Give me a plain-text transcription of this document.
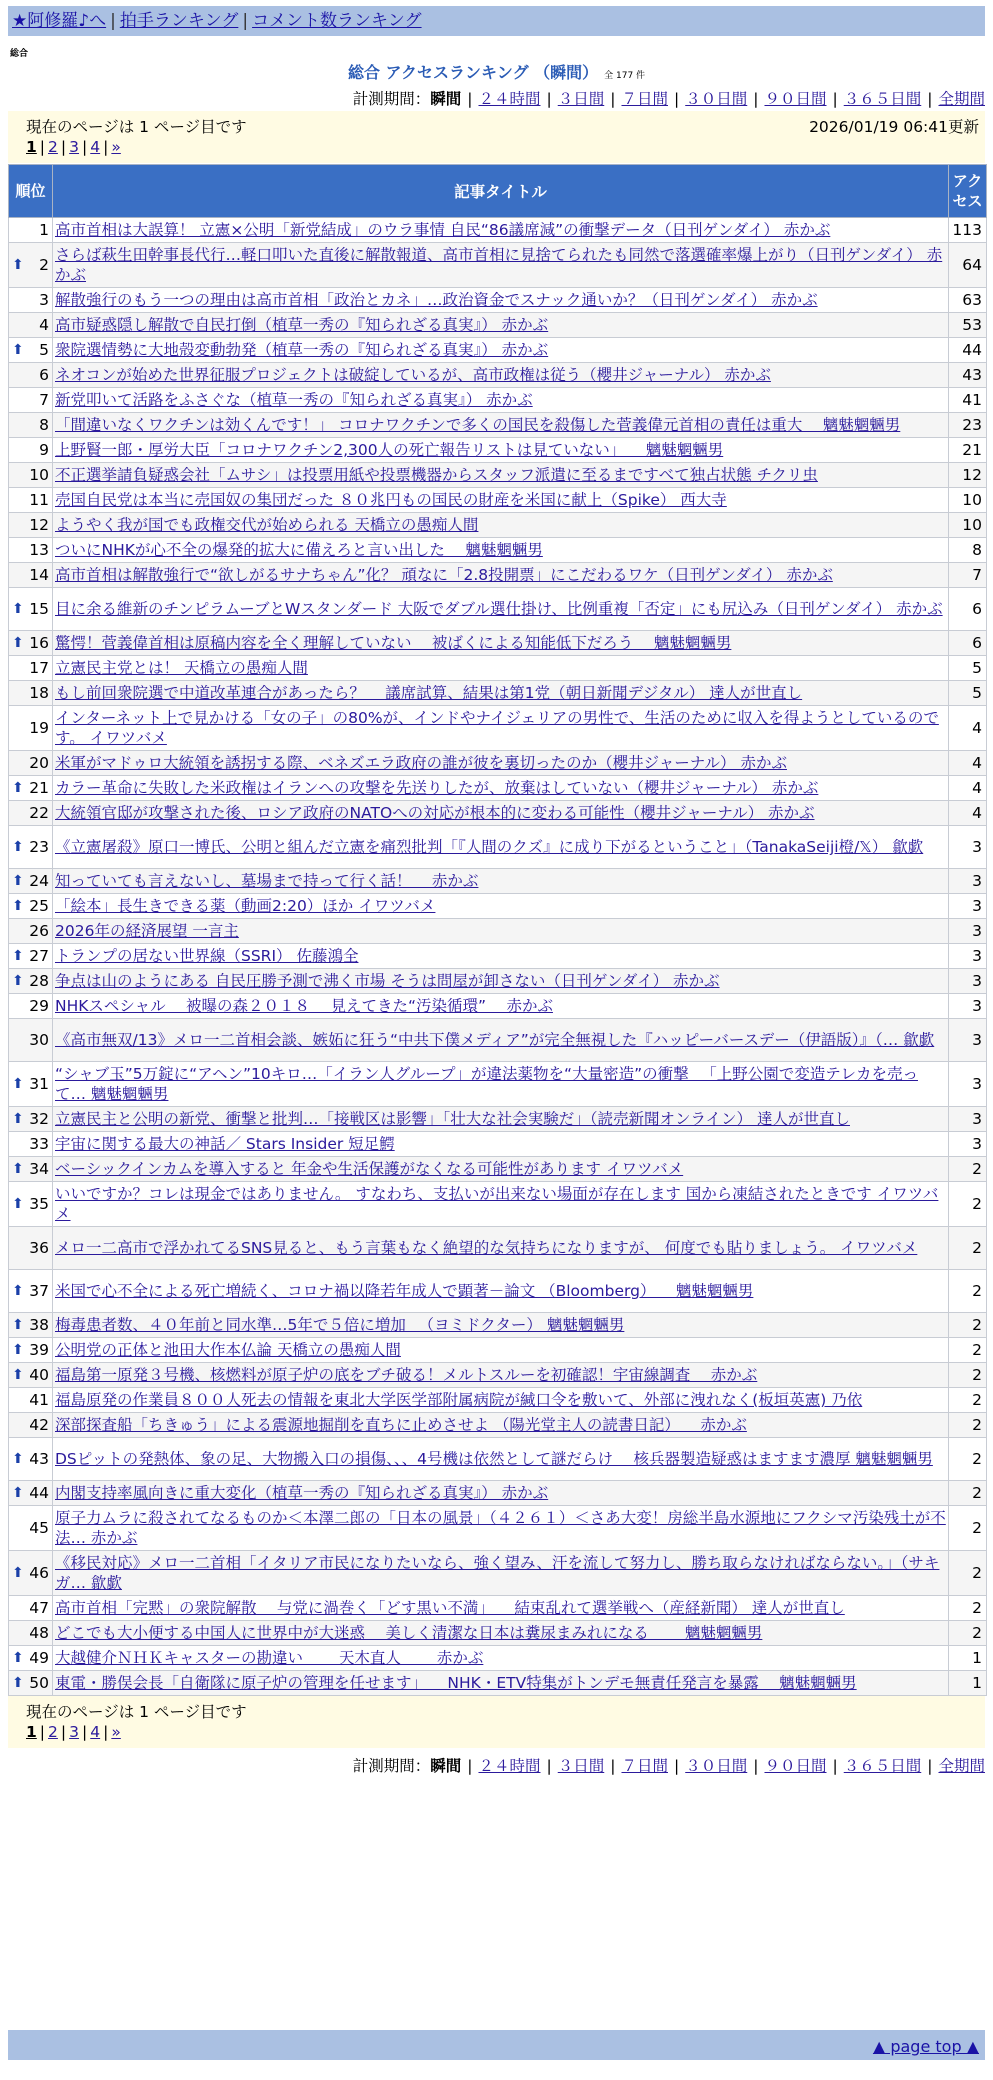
★阿修羅♪へ | 拍手ランキング | コメント数ランキング
総合
総合 アクセスランキング （瞬間） 全 177 件
計測期間：瞬間 | ２４時間 | ３日間 | ７日間 | ３０日間 | ９０日間 | ３６５日間 | 全期間
現在のページは 1 ページ目です	2026/01/19 06:41更新
1 | 2 | 3 | 4 | »
順位	記事タイトル	アクセス
1	高市首相は大誤算！ 立憲×公明「新党結成」のウラ事情 自民“86議席減”の衝撃データ（日刊ゲンダイ） 赤かぶ	113

⬆ 2	さらば萩生田幹事長代行…軽口叩いた直後に解散報道、高市首相に見捨てられたも同然で落選確率爆上がり（日刊ゲンダイ） 赤かぶ	64
3	解散強行のもう一つの理由は高市首相「政治とカネ」…政治資金でスナック通いか？（日刊ゲンダイ） 赤かぶ	63
4	高市疑惑隠し解散で自民打倒（植草一秀の『知られざる真実』） 赤かぶ	53

⬆ 5	衆院選情勢に大地殻変動勃発（植草一秀の『知られざる真実』） 赤かぶ	44
6	ネオコンが始めた世界征服プロジェクトは破綻しているが、高市政権は従う（櫻井ジャーナル） 赤かぶ	43
7	新党叩いて活路をふさぐな（植草一秀の『知られざる真実』） 赤かぶ	41
8	「間違いなくワクチンは効くんです！」 コロナワクチンで多くの国民を殺傷した菅義偉元首相の責任は重大 　魑魅魍魎男	23
9	上野賢一郎・厚労大臣「コロナワクチン2,300人の死亡報告リストは見ていない」 　魑魅魍魎男	21
10	不正選挙請負疑惑会社「ムサシ」は投票用紙や投票機器からスタッフ派遣に至るまですべて独占状態 チクリ虫	12
11	売国自民党は本当に売国奴の集団だった ８０兆円もの国民の財産を米国に献上（Spike） 西大寺	10
12	ようやく我が国でも政権交代が始められる 天橋立の愚痴人間	10
13	ついにNHKが心不全の爆発的拡大に備えろと言い出した 　魑魅魍魎男	8
14	高市首相は解散強行で“欲しがるサナちゃん”化？ 頑なに「2.8投開票」にこだわるワケ（日刊ゲンダイ） 赤かぶ	7

⬆ 15	目に余る維新のチンピラムーブとWスタンダード 大阪でダブル選仕掛け、比例重複「否定」にも尻込み（日刊ゲンダイ） 赤かぶ	6

⬆ 16	驚愕！菅義偉首相は原稿内容を全く理解していない 　被ばくによる知能低下だろう 　魑魅魍魎男	6
17	立憲民主党とは！ 天橋立の愚痴人間	5
18	もし前回衆院選で中道改革連合があったら？ 　議席試算、結果は第1党（朝日新聞デジタル） 達人が世直し	5
19	インターネット上で見かける「女の子」の80%が、インドやナイジェリアの男性で、生活のために収入を得ようとしているのです。 イワツバメ	4
20	米軍がマドゥロ大統領を誘拐する際、ベネズエラ政府の誰が彼を裏切ったのか（櫻井ジャーナル） 赤かぶ	4

⬆ 21	カラー革命に失敗した米政権はイランへの攻撃を先送りしたが、放棄はしていない（櫻井ジャーナル） 赤かぶ	4
22	大統領官邸が攻撃された後、ロシア政府のNATOへの対応が根本的に変わる可能性（櫻井ジャーナル） 赤かぶ	4

⬆ 23	《立憲屠殺》原口一博氏、公明と組んだ立憲を痛烈批判「『人間のクズ』に成り下がるということ」（TanakaSeiji橙/𝕏） 歙歔	3

⬆ 24	知っていても言えないし、墓場まで持って行く話！ 　赤かぶ	3

⬆ 25	「絵本」長生きできる薬（動画2:20）ほか イワツバメ	3
26	2026年の経済展望 一言主	3

⬆ 27	トランプの居ない世界線（SSRI） 佐藤鴻全	3

⬆ 28	争点は山のようにある 自民圧勝予測で沸く市場 そうは問屋が卸さない（日刊ゲンダイ） 赤かぶ	3
29	NHKスペシャル 　被曝の森２０１８ 　見えてきた“汚染循環” 　赤かぶ	3
30	《高市無双/13》メロ一二首相会談、嫉妬に狂う“中共下僕メディア”が完全無視した『ハッピーバースデー（伊語版）』（… 歙歔	3

⬆ 31	“シャブ玉”5万錠に“アヘン”10キロ…「イラン人グループ」が違法薬物を“大量密造”の衝撃 　「上野公園で変造テレカを売って… 魑魅魍魎男	3

⬆ 32	立憲民主と公明の新党、衝撃と批判…「接戦区は影響」「壮大な社会実験だ」（読売新聞オンライン） 達人が世直し	3
33	宇宙に関する最大の神話／ Stars Insider 短足鰐	3

⬆ 34	ベーシックインカムを導入すると 年金や生活保護がなくなる可能性があります イワツバメ	2

⬆ 35	いいですか？コレは現金ではありません。 すなわち、支払いが出来ない場面が存在します 国から凍結されたときです イワツバメ	2
36	メロ一二高市で浮かれてるSNS見ると、もう言葉もなく絶望的な気持ちになりますが、 何度でも貼りましょう。 イワツバメ	2

⬆ 37	米国で心不全による死亡増続く、コロナ禍以降若年成人で顕著－論文 （Bloomberg） 　魑魅魍魎男	2

⬆ 38	梅毒患者数、４０年前と同水準…5年で５倍に増加 　（ヨミドクター） 魑魅魍魎男	2

⬆ 39	公明党の正体と池田大作本仏論 天橋立の愚痴人間	2

⬆ 40	福島第一原発３号機、核燃料が原子炉の底をブチ破る！メルトスルーを初確認！宇宙線調査 　赤かぶ	2
41	福島原発の作業員８００人死去の情報を東北大学医学部附属病院が緘口令を敷いて、外部に洩れなく(板垣英憲) 乃依	2
42	深部探査船「ちきゅう」による震源地掘削を直ちに止めさせよ （陽光堂主人の読書日記） 　赤かぶ	2

⬆ 43	DSピットの発熱体、象の足、大物搬入口の損傷、、、4号機は依然として謎だらけ 　核兵器製造疑惑はますます濃厚 魑魅魍魎男	2

⬆ 44	内閣支持率風向きに重大変化（植草一秀の『知られざる真実』） 赤かぶ	2
45	原子力ムラに殺されてなるものか＜本澤二郎の「日本の風景」（４２６１）＜さあ大変！房総半島水源地にフクシマ汚染残土が不法… 赤かぶ	2

⬆ 46	《移民対応》メロ一二首相「イタリア市民になりたいなら、強く望み、汗を流して努力し、勝ち取らなければならない。」（サキガ… 歙歔	2
47	高市首相「完黙」の衆院解散 　与党に渦巻く「どす黒い不満」 　結束乱れて選挙戦へ（産経新聞） 達人が世直し	2
48	どこでも大小便する中国人に世界中が大迷惑 　美しく清潔な日本は糞尿まみれになる 　　魑魅魍魎男	2

⬆ 49	大越健介ＮＨＫキャスターの勘違い 　　天木直人 　　赤かぶ	1

⬆ 50	東電・勝俣会長「自衛隊に原子炉の管理を任せます」 　NHK・ETV特集がトンデモ無責任発言を暴露 　魑魅魍魎男	1
現在のページは 1 ページ目です
1 | 2 | 3 | 4 | »
計測期間：瞬間 | ２４時間 | ３日間 | ７日間 | ３０日間 | ９０日間 | ３６５日間 | 全期間
▲ page top ▲
